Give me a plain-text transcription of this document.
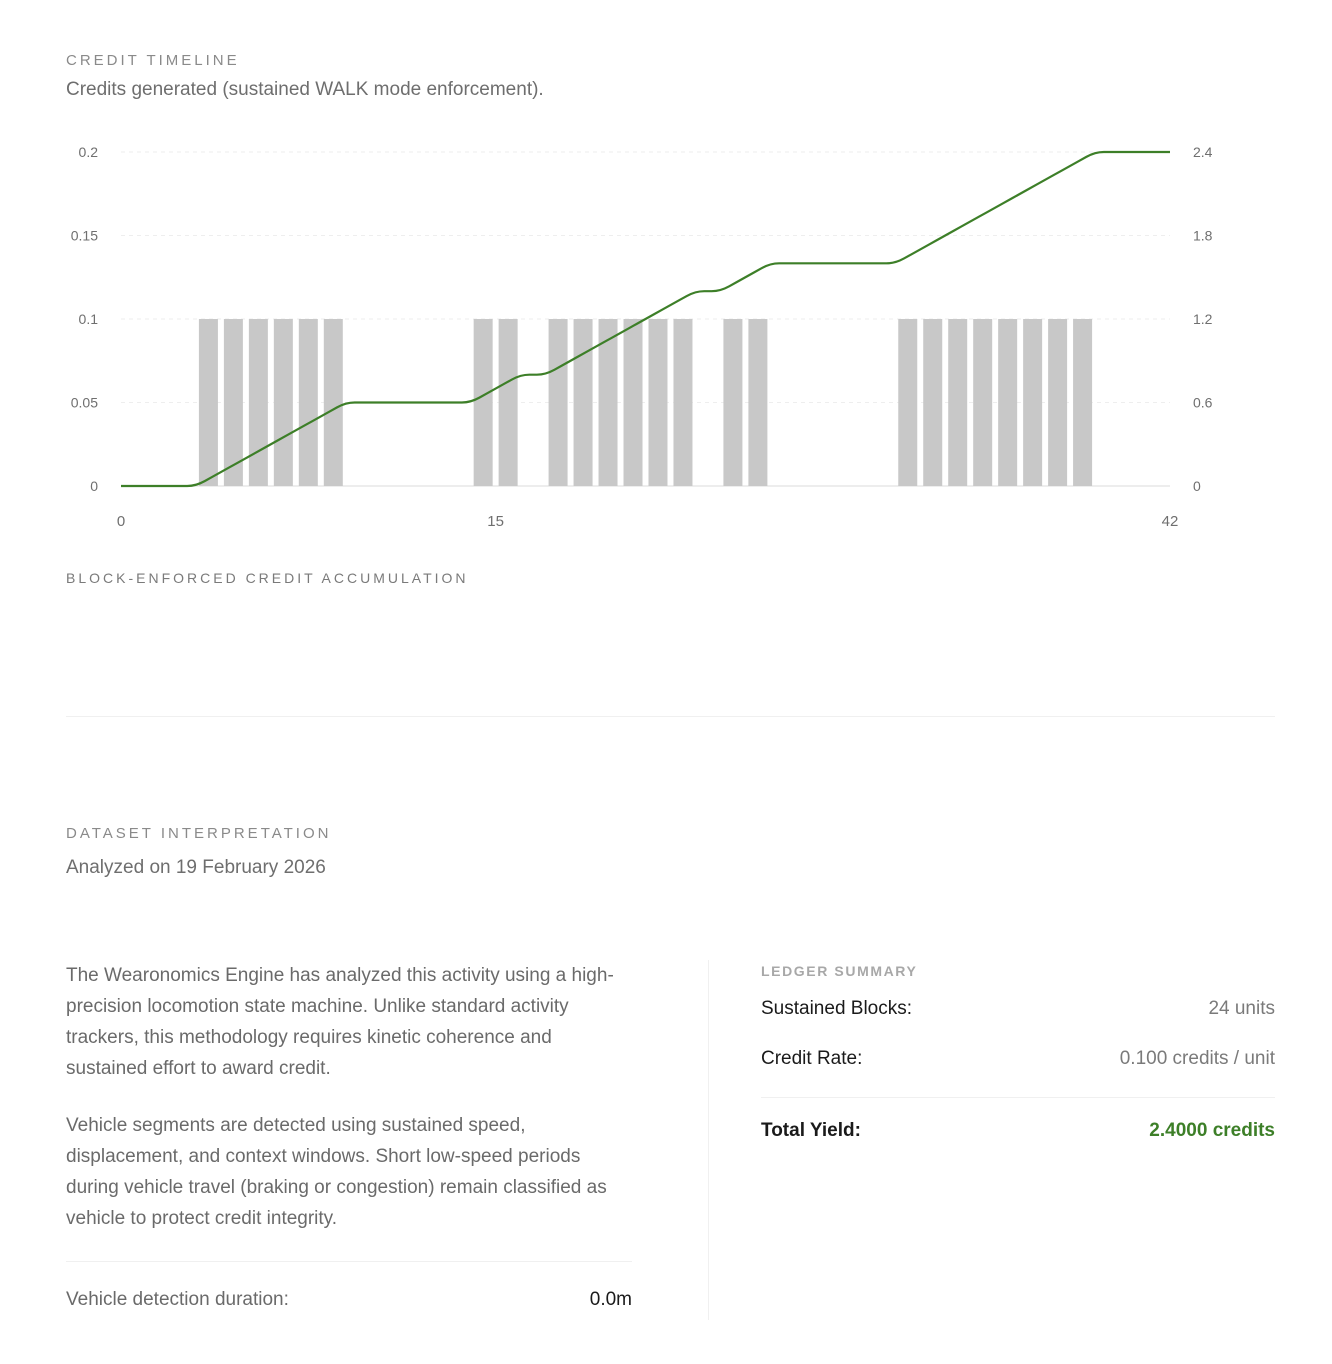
CREDIT TIMELINE

Credits generated (sustained WALK mode enforcement).

0
0.05
0.1
0.15
0.2
0
0.6
1.2
1.8
2.4
0	15	42
BLOCK-ENFORCED CREDIT ACCUMULATION
DATASET INTERPRETATION

Analyzed on 19 February 2026

The Wearonomics Engine has analyzed this activity using a high-precision locomotion state machine. Unlike standard activity trackers, this methodology requires kinetic coherence and sustained effort to award credit.

Vehicle segments are detected using sustained speed, displacement, and context windows. Short low-speed periods during vehicle travel (braking or congestion) remain classified as vehicle to protect credit integrity.

Vehicle detection duration:	0.0m
LEDGER SUMMARY
Sustained Blocks:	24 units
Credit Rate:	0.100 credits / unit
Total Yield:	2.4000 credits
